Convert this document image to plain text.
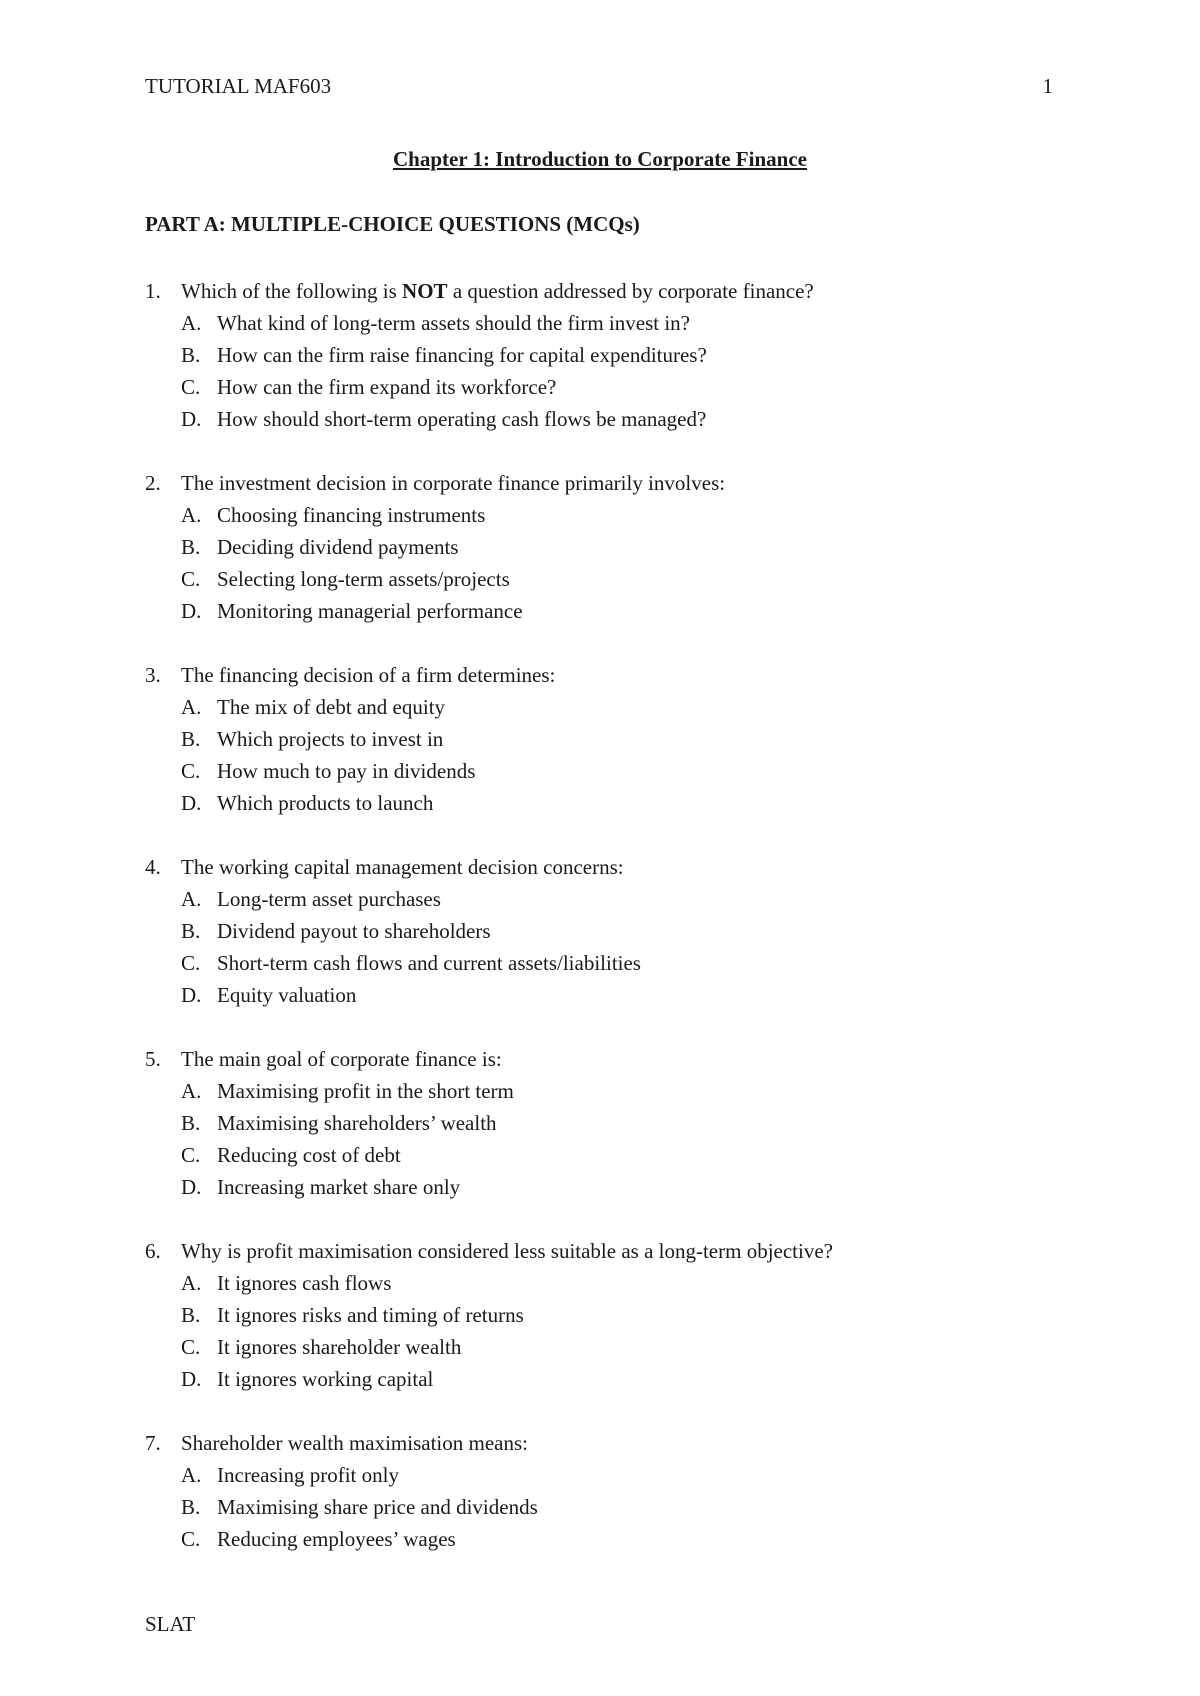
TUTORIAL MAF603	1
Chapter 1: Introduction to Corporate Finance
PART A: MULTIPLE-CHOICE QUESTIONS (MCQs)
1. Which of the following is NOT a question addressed by corporate finance?
A. What kind of long-term assets should the firm invest in?
B. How can the firm raise financing for capital expenditures?
C. How can the firm expand its workforce?
D. How should short-term operating cash flows be managed?
2. The investment decision in corporate finance primarily involves:
A. Choosing financing instruments
B. Deciding dividend payments
C. Selecting long-term assets/projects
D. Monitoring managerial performance
3. The financing decision of a firm determines:
A. The mix of debt and equity
B. Which projects to invest in
C. How much to pay in dividends
D. Which products to launch
4. The working capital management decision concerns:
A. Long-term asset purchases
B. Dividend payout to shareholders
C. Short-term cash flows and current assets/liabilities
D. Equity valuation
5. The main goal of corporate finance is:
A. Maximising profit in the short term
B. Maximising shareholders’ wealth
C. Reducing cost of debt
D. Increasing market share only
6. Why is profit maximisation considered less suitable as a long-term objective?
A. It ignores cash flows
B. It ignores risks and timing of returns
C. It ignores shareholder wealth
D. It ignores working capital
7. Shareholder wealth maximisation means:
A. Increasing profit only
B. Maximising share price and dividends
C. Reducing employees’ wages
SLAT
